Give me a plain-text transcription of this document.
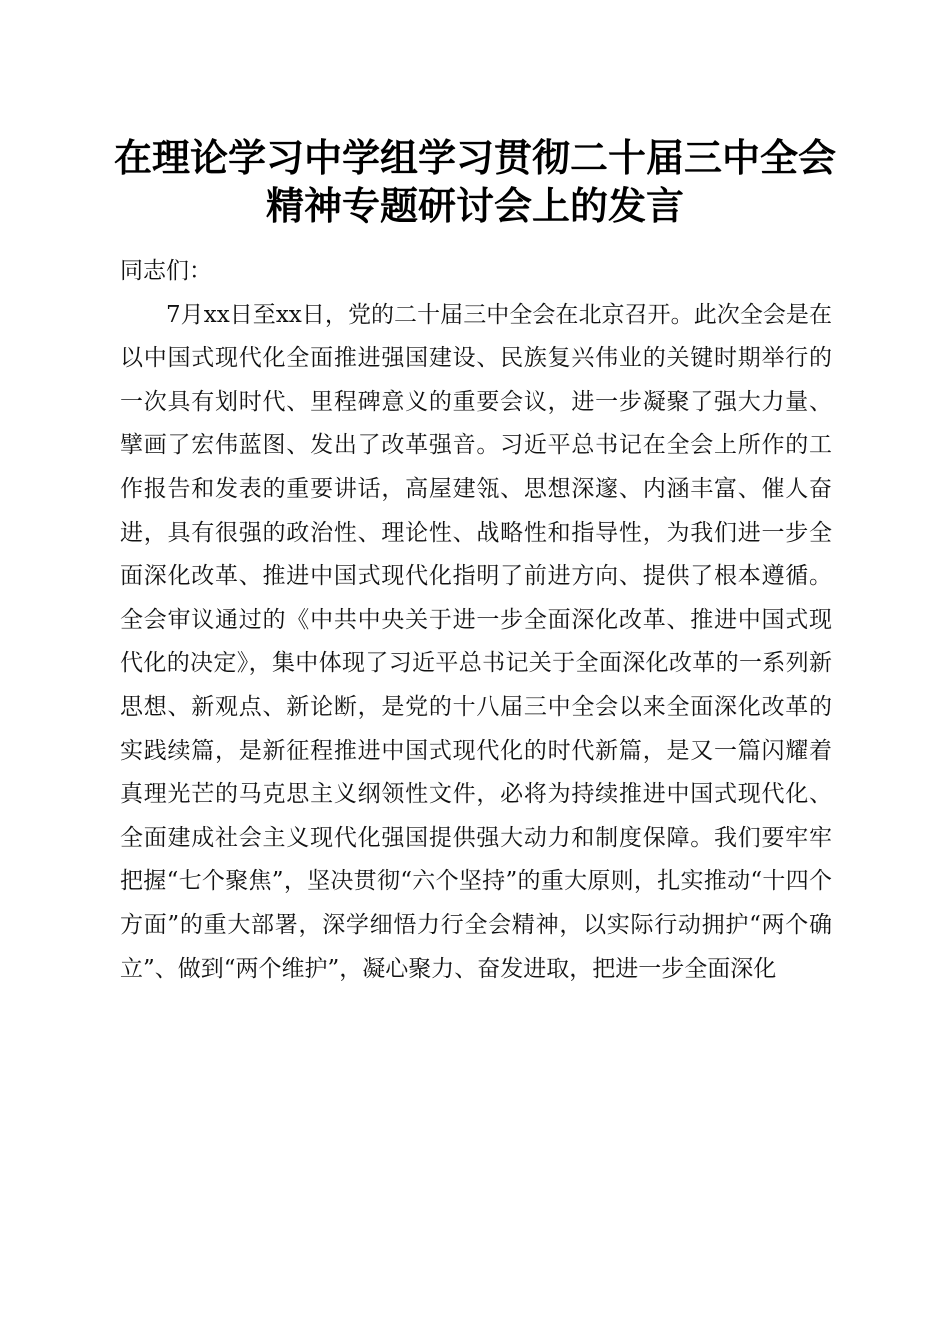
在理论学习中学组学习贯彻二十届三中全会精神专题研讨会上的发言

同志们：

7月xx日至xx日，党的二十届三中全会在北京召开。此次全会是在以中国式现代化全面推进强国建设、民族复兴伟业的关键时期举行的一次具有划时代、里程碑意义的重要会议，进一步凝聚了强大力量、擘画了宏伟蓝图、发出了改革强音。习近平总书记在全会上所作的工作报告和发表的重要讲话，高屋建瓴、思想深邃、内涵丰富、催人奋进，具有很强的政治性、理论性、战略性和指导性，为我们进一步全面深化改革、推进中国式现代化指明了前进方向、提供了根本遵循。全会审议通过的《中共中央关于进一步全面深化改革、推进中国式现代化的决定》，集中体现了习近平总书记关于全面深化改革的一系列新思想、新观点、新论断，是党的十八届三中全会以来全面深化改革的实践续篇，是新征程推进中国式现代化的时代新篇，是又一篇闪耀着真理光芒的马克思主义纲领性文件，必将为持续推进中国式现代化、全面建成社会主义现代化强国提供强大动力和制度保障。我们要牢牢把握“七个聚焦”，坚决贯彻“六个坚持”的重大原则，扎实推动“十四个方面”的重大部署，深学细悟力行全会精神，以实际行动拥护“两个确立”、做到“两个维护”，凝心聚力、奋发进取，把进一步全面深化
